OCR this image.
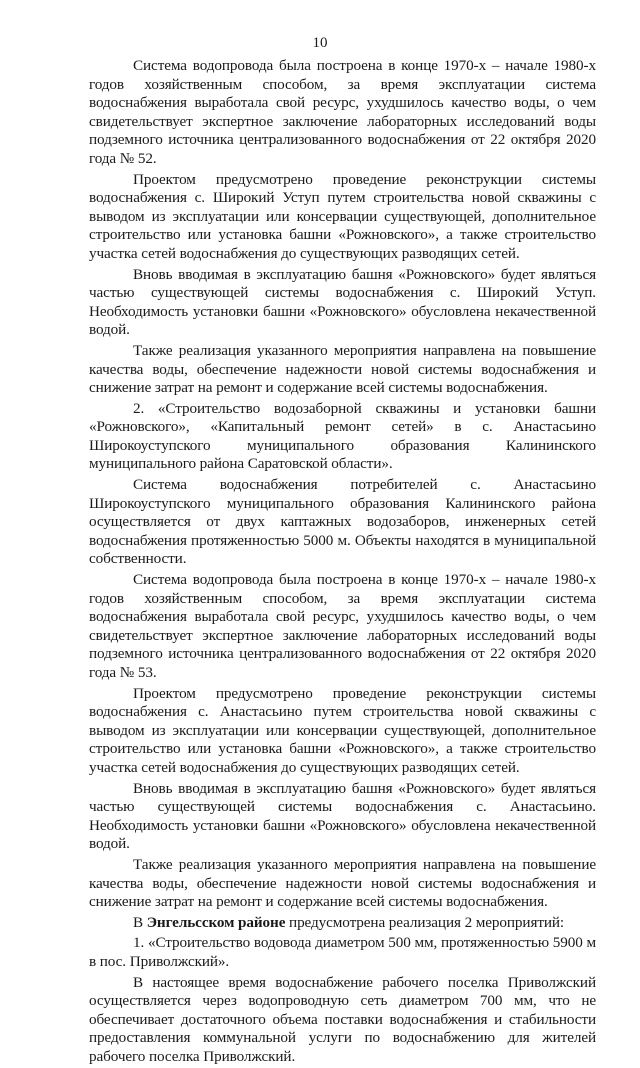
10

Система водопровода была построена в конце 1970-х – начале 1980-х годов хозяйственным способом, за время эксплуатации система водоснабжения выработала свой ресурс, ухудшилось качество воды, о чем свидетельствует экспертное заключение лабораторных исследований воды подземного источника централизованного водоснабжения от 22 октября 2020 года № 52.

Проектом предусмотрено проведение реконструкции системы водоснабжения с. Широкий Уступ путем строительства новой скважины с выводом из эксплуатации или консервации существующей, дополнительное строительство или установка башни «Рожновского», а также строительство участка сетей водоснабжения до существующих разводящих сетей.

Вновь вводимая в эксплуатацию башня «Рожновского» будет являться частью существующей системы водоснабжения с. Широкий Уступ. Необходимость установки башни «Рожновского» обусловлена некачественной водой.

Также реализация указанного мероприятия направлена на повышение качества воды, обеспечение надежности новой системы водоснабжения и снижение затрат на ремонт и содержание всей системы водоснабжения.

2. «Строительство водозаборной скважины и установки башни «Рожновского», «Капитальный ремонт сетей» в с. Анастасьино Широкоуступского муниципального образования Калининского муниципального района Саратовской области».

Система водоснабжения потребителей с. Анастасьино Широкоуступского муниципального образования Калининского района осуществляется от двух каптажных водозаборов, инженерных сетей водоснабжения протяженностью 5000 м. Объекты находятся в муниципальной собственности.

Система водопровода была построена в конце 1970-х – начале 1980-х годов хозяйственным способом, за время эксплуатации система водоснабжения выработала свой ресурс, ухудшилось качество воды, о чем свидетельствует экспертное заключение лабораторных исследований воды подземного источника централизованного водоснабжения от 22 октября 2020 года № 53.

Проектом предусмотрено проведение реконструкции системы водоснабжения с. Анастасьино путем строительства новой скважины с выводом из эксплуатации или консервации существующей, дополнительное строительство или установка башни «Рожновского», а также строительство участка сетей водоснабжения до существующих разводящих сетей.

Вновь вводимая в эксплуатацию башня «Рожновского» будет являться частью существующей системы водоснабжения с. Анастасьино. Необходимость установки башни «Рожновского» обусловлена некачественной водой.

Также реализация указанного мероприятия направлена на повышение качества воды, обеспечение надежности новой системы водоснабжения и снижение затрат на ремонт и содержание всей системы водоснабжения.

В Энгельсском районе предусмотрена реализация 2 мероприятий:

1. «Строительство водовода диаметром 500 мм, протяженностью 5900 м в пос. Приволжский».

В настоящее время водоснабжение рабочего поселка Приволжский осуществляется через водопроводную сеть диаметром 700 мм, что не обеспечивает достаточного объема поставки водоснабжения и стабильности предоставления коммунальной услуги по водоснабжению для жителей рабочего поселка Приволжский.
